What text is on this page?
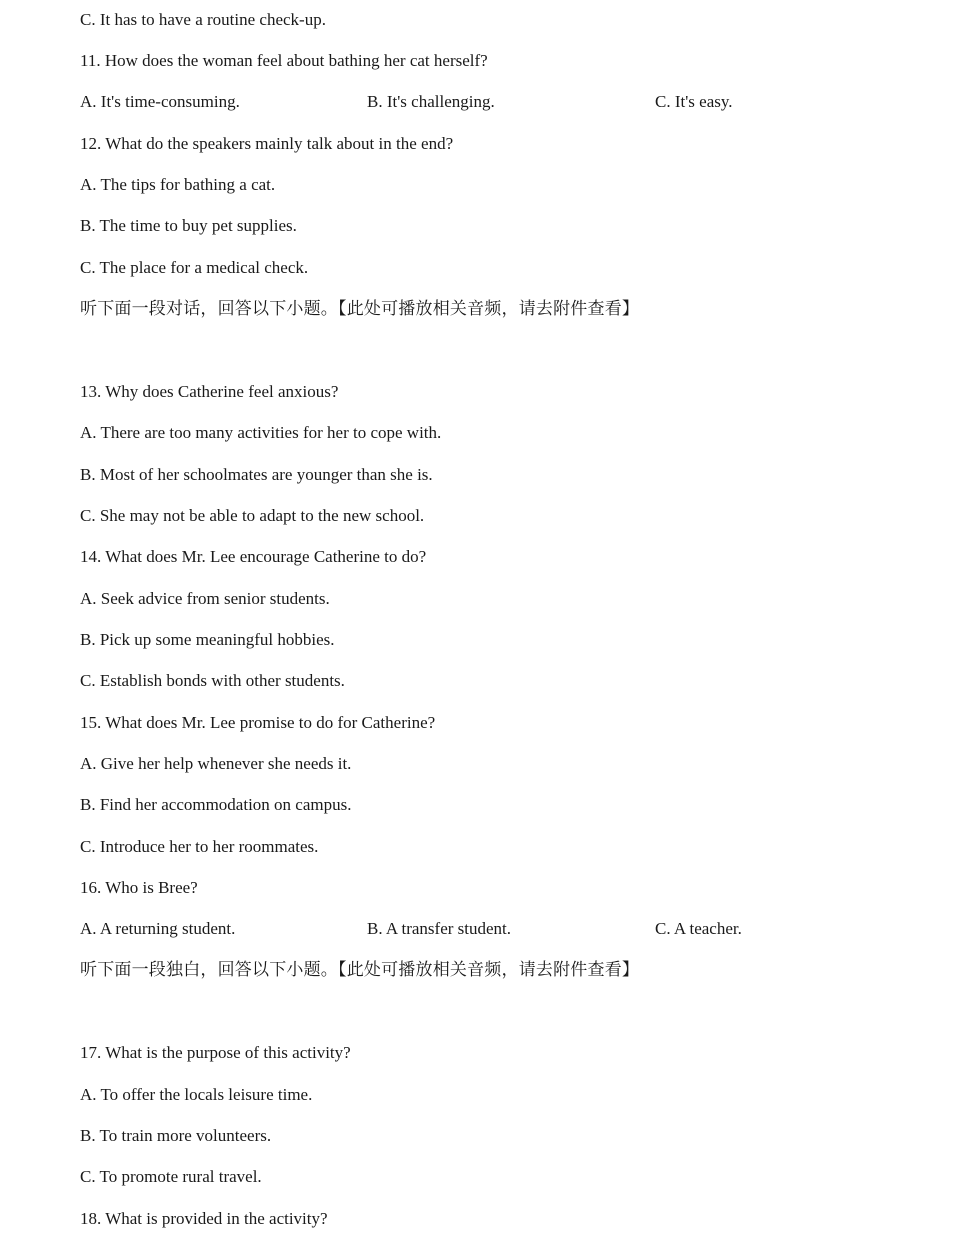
C. It has to have a routine check-up.
11. How does the woman feel about bathing her cat herself?
A. It's time-consuming.	B. It's challenging.	C. It's easy.
12. What do the speakers mainly talk about in the end?
A. The tips for bathing a cat.
B. The time to buy pet supplies.
C. The place for a medical check.
听下面一段对话，回答以下小题。【此处可播放相关音频，请去附件查看】
13. Why does Catherine feel anxious?
A. There are too many activities for her to cope with.
B. Most of her schoolmates are younger than she is.
C. She may not be able to adapt to the new school.
14. What does Mr. Lee encourage Catherine to do?
A. Seek advice from senior students.
B. Pick up some meaningful hobbies.
C. Establish bonds with other students.
15. What does Mr. Lee promise to do for Catherine?
A. Give her help whenever she needs it.
B. Find her accommodation on campus.
C. Introduce her to her roommates.
16. Who is Bree?
A. A returning student.	B. A transfer student.	C. A teacher.
听下面一段独白，回答以下小题。【此处可播放相关音频，请去附件查看】
17. What is the purpose of this activity?
A. To offer the locals leisure time.
B. To train more volunteers.
C. To promote rural travel.
18. What is provided in the activity?
